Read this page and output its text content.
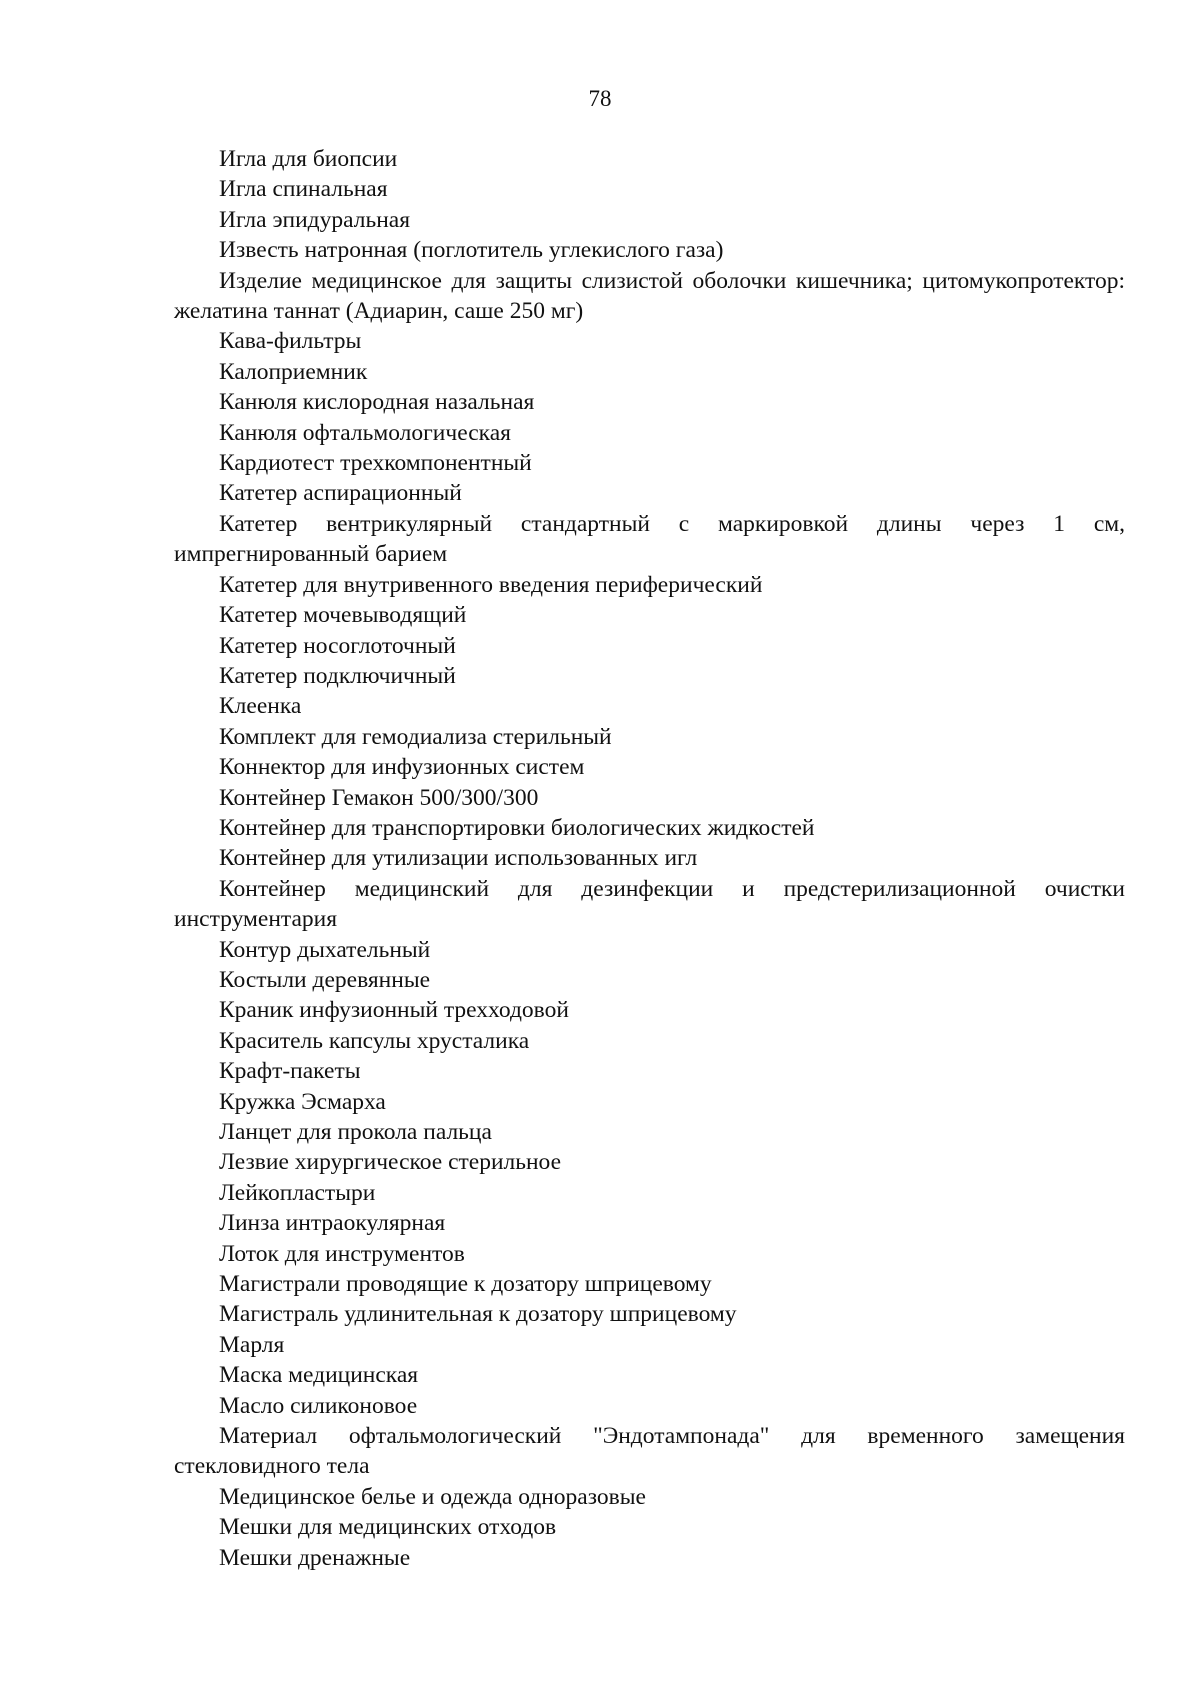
78
Игла для биопсии
Игла спинальная
Игла эпидуральная
Известь натронная (поглотитель углекислого газа)
Изделие медицинское для защиты слизистой оболочки кишечника; цитомукопротектор: желатина таннат (Адиарин, саше 250 мг)
Кава-фильтры
Калоприемник
Канюля кислородная назальная
Канюля офтальмологическая
Кардиотест трехкомпонентный
Катетер аспирационный
Катетер вентрикулярный стандартный с маркировкой длины через 1 см, импрегнированный барием
Катетер для внутривенного введения периферический
Катетер мочевыводящий
Катетер носоглоточный
Катетер подключичный
Клеенка
Комплект для гемодиализа стерильный
Коннектор для инфузионных систем
Контейнер Гемакон 500/300/300
Контейнер для транспортировки биологических жидкостей
Контейнер для утилизации использованных игл
Контейнер медицинский для дезинфекции и предстерилизационной очистки инструментария
Контур дыхательный
Костыли деревянные
Краник инфузионный трехходовой
Краситель капсулы хрусталика
Крафт-пакеты
Кружка Эсмарха
Ланцет для прокола пальца
Лезвие хирургическое стерильное
Лейкопластыри
Линза интраокулярная
Лоток для инструментов
Магистрали проводящие к дозатору шприцевому
Магистраль удлинительная к дозатору шприцевому
Марля
Маска медицинская
Масло силиконовое
Материал офтальмологический "Эндотампонада" для временного замещения стекловидного тела
Медицинское белье и одежда одноразовые
Мешки для медицинских отходов
Мешки дренажные
